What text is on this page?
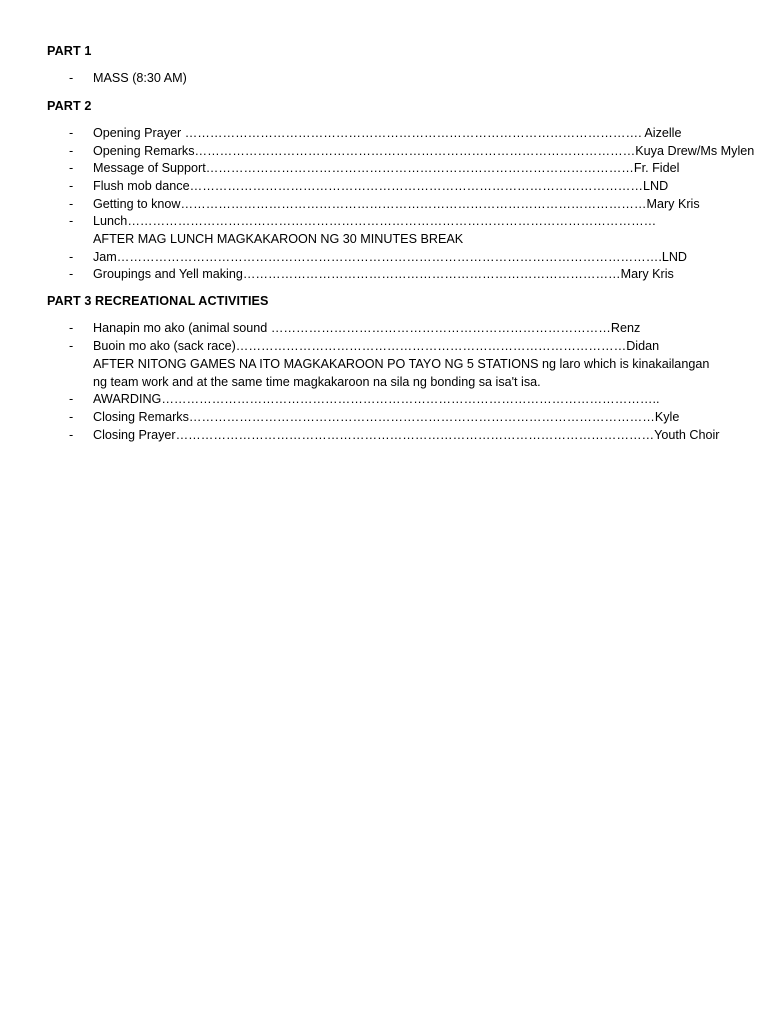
PART 1
-	MASS (8:30 AM)
PART 2
-	Opening Prayer ………………………………………………………………………………………………. Aizelle
-	Opening Remarks……………………………………………………………………………………………Kuya Drew/Ms Mylen
-	Message of Support…………………………………………………………………………………………Fr. Fidel
-	Flush mob dance………………………………………………………………………………………………LND
-	Getting to know…………………………………………………………………………………………………Mary Kris
-	Lunch………………………………………………………………………………………………………………
AFTER MAG LUNCH MAGKAKAROON NG 30 MINUTES BREAK
-	Jam………………………………………………………………………………………………………………….LND
-	Groupings and Yell making………………………………………………………………………………Mary Kris
PART 3 RECREATIONAL ACTIVITIES
-	Hanapin mo ako (animal sound ………………………………………………………………………Renz
-	Buoin mo ako (sack race)…………………………………………………………………………………Didan
AFTER NITONG GAMES NA ITO MAGKAKAROON PO TAYO NG 5 STATIONS ng laro which is kinakailangan ng team work and at the same time magkakaroon na sila ng bonding sa isa't isa.
-	AWARDING………………………………………………………………………………………………………..
-	Closing Remarks…………………………………………………………………………………………………Kyle
-	Closing Prayer……………………………………………………………………………………………………Youth Choir
